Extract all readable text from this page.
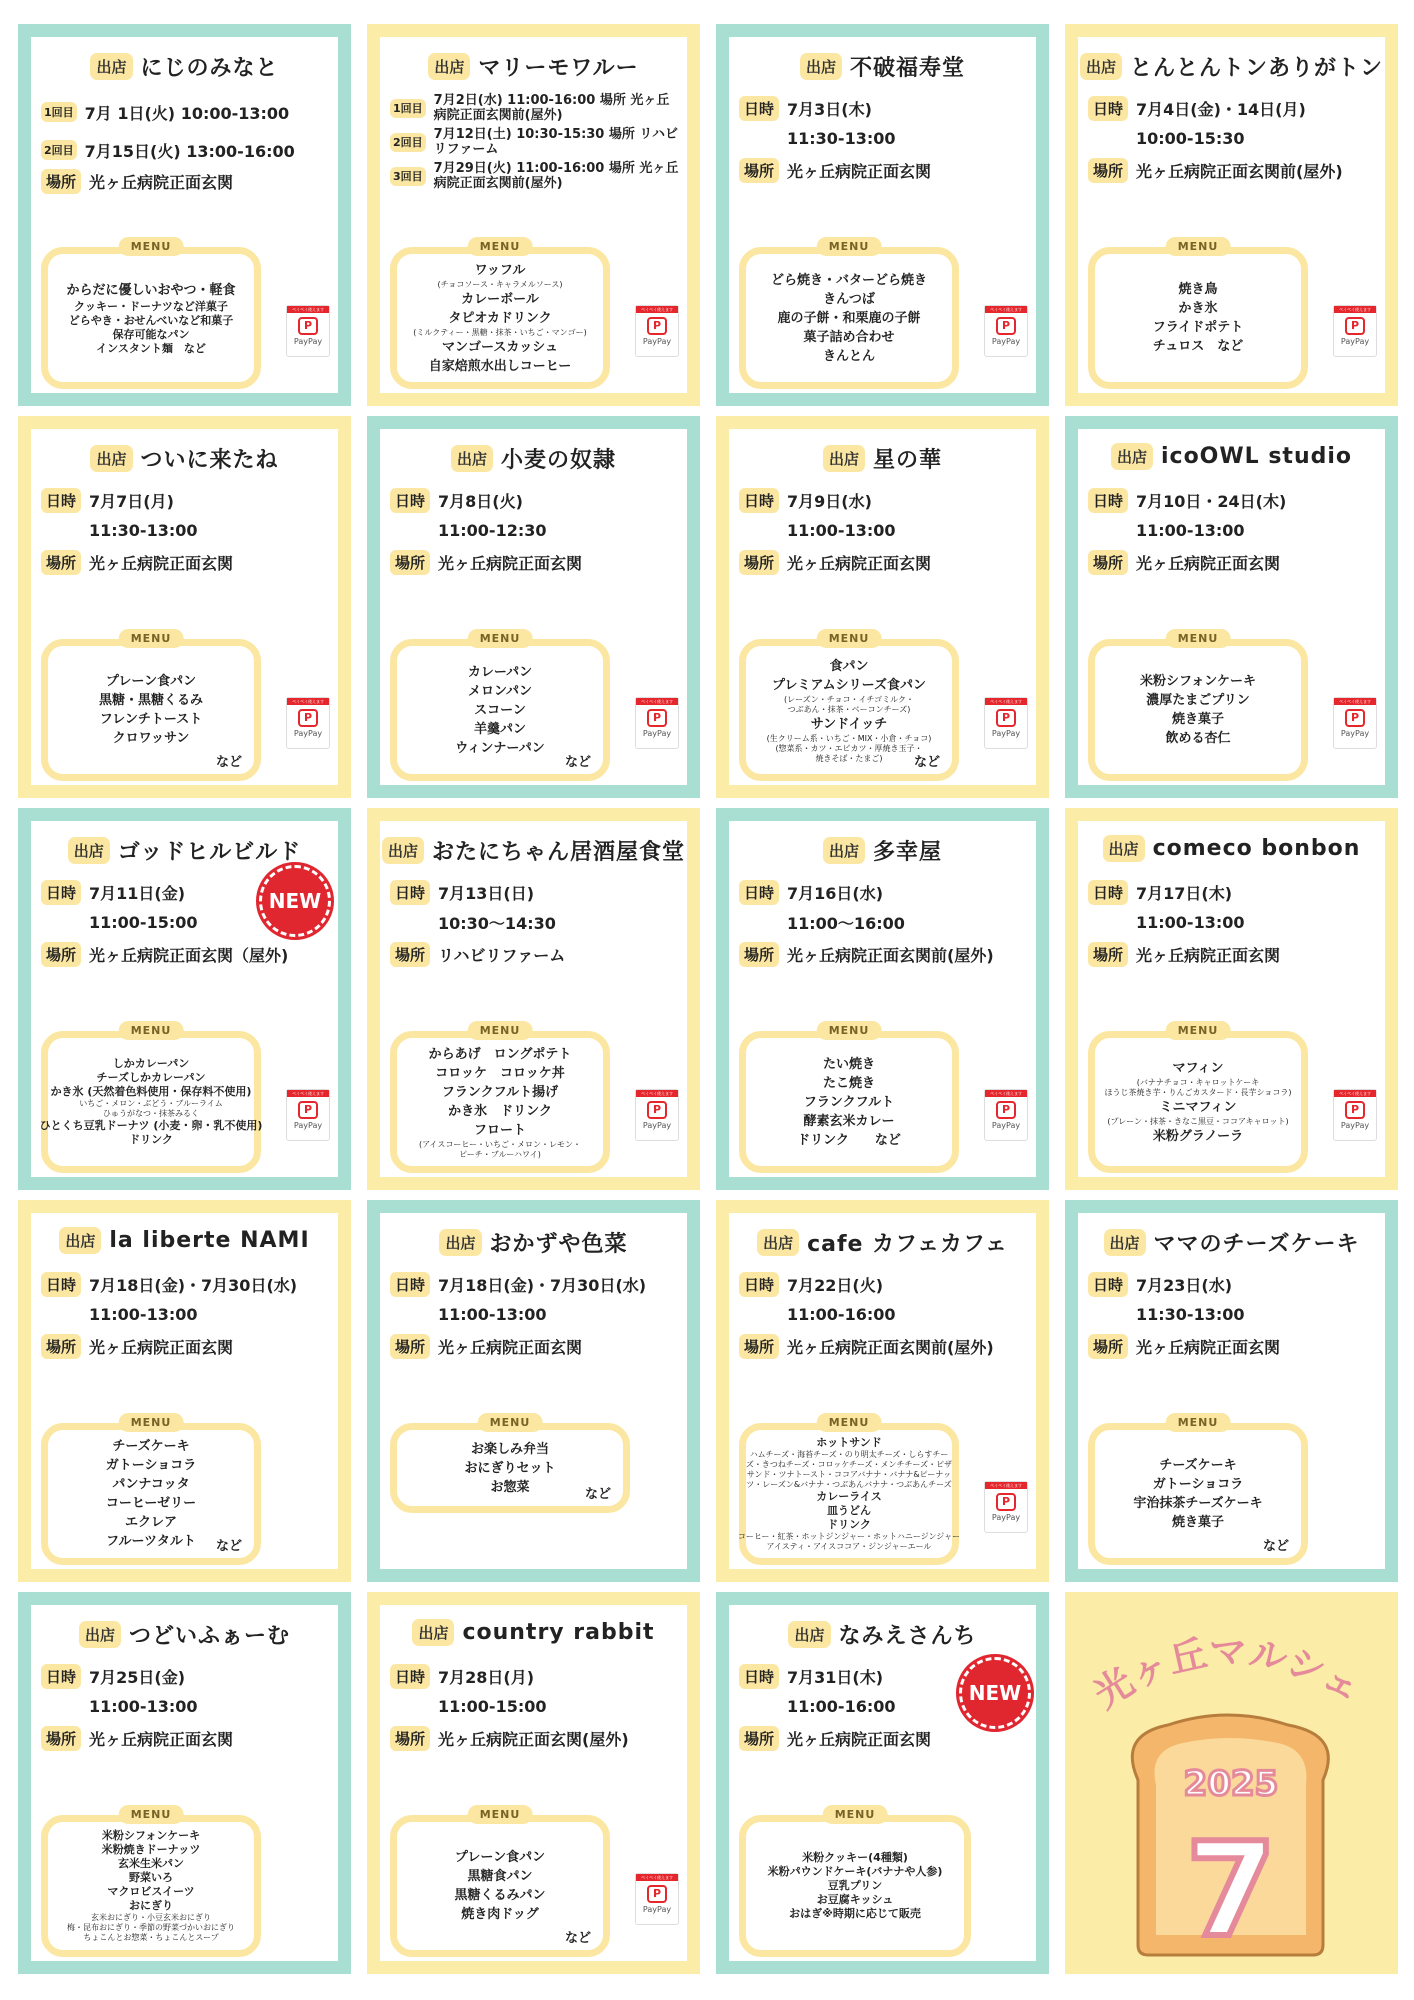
出店 にじのみなと
1回目 7月 1日(火) 10:00-13:00
2回目 7月15日(火) 13:00-16:00
場所 光ヶ丘病院正面玄関
MENU
からだに優しいおやつ・軽食
クッキー・ドーナツなど洋菓子
どらやき・おせんべいなど和菓子
保存可能なパン
インスタント麺　など
ペイペイ使えます
P
PayPay
出店 マリーモワルー
1回目 7月2日(水) 11:00-16:00 場所 光ヶ丘病院正面玄関前(屋外)
2回目 7月12日(土) 10:30-15:30 場所 リハビリファーム
3回目 7月29日(火) 11:00-16:00 場所 光ヶ丘病院正面玄関前(屋外)
MENU
ワッフル
(チョコソース・キャラメルソース)
カレーボール
タピオカドリンク
(ミルクティー・黒糖・抹茶・いちご・マンゴー)
マンゴースカッシュ
自家焙煎水出しコーヒー
ペイペイ使えます
P
PayPay
出店 不破福寿堂
日時 7月3日(木)
11:30-13:00
場所 光ヶ丘病院正面玄関
MENU
どら焼き・バターどら焼き
きんつば
鹿の子餅・和栗鹿の子餅
菓子詰め合わせ
きんとん
ペイペイ使えます
P
PayPay
出店 とんとんトンありがトン
日時 7月4日(金)・14日(月)
10:00-15:30
場所 光ヶ丘病院正面玄関前(屋外)
MENU
焼き鳥
かき氷
フライドポテト
チュロス　など
ペイペイ使えます
P
PayPay
出店 ついに来たね
日時 7月7日(月)
11:30-13:00
場所 光ヶ丘病院正面玄関
MENU
プレーン食パン
黒糖・黒糖くるみ
フレンチトースト
クロワッサン
など
ペイペイ使えます
P
PayPay
出店 小麦の奴隷
日時 7月8日(火)
11:00-12:30
場所 光ヶ丘病院正面玄関
MENU
カレーパン
メロンパン
スコーン
羊羹パン
ウィンナーパン
など
ペイペイ使えます
P
PayPay
出店 星の華
日時 7月9日(水)
11:00-13:00
場所 光ヶ丘病院正面玄関
MENU
食パン
プレミアムシリーズ食パン
(レーズン・チョコ・イチゴミルク・
つぶあん・抹茶・ベーコンチーズ)
サンドイッチ
(生クリーム系・いちご・MIX・小倉・チョコ)
(惣菜系・カツ・エビカツ・厚焼き玉子・
焼きそば・たまご) など
ペイペイ使えます
P
PayPay
出店 icoOWL studio
日時 7月10日・24日(木)
11:00-13:00
場所 光ヶ丘病院正面玄関
MENU
米粉シフォンケーキ
濃厚たまごプリン
焼き菓子
飲める杏仁
ペイペイ使えます
P
PayPay
出店 ゴッドヒルビルド
日時 7月11日(金)
11:00-15:00
場所 光ヶ丘病院正面玄関（屋外)
MENU
しかカレーパン
チーズしかカレーパン
かき氷 (天然着色料使用・保存料不使用)
いちご・メロン・ぶどう・ブルーライム
ひゅうがなつ・抹茶みるく
ひとくち豆乳ドーナツ (小麦・卵・乳不使用)
ドリンク
ペイペイ使えます
P
PayPay
NEW
出店 おたにちゃん居酒屋食堂
日時 7月13日(日)
10:30～14:30
場所 リハビリファーム
MENU
からあげ　ロングポテト
コロッケ　コロッケ丼
フランクフルト揚げ
かき氷　ドリンク
フロート
(アイスコーヒー・いちご・メロン・レモン・
ピーチ・ブルーハワイ)
ペイペイ使えます
P
PayPay
出店 多幸屋
日時 7月16日(水)
11:00～16:00
場所 光ヶ丘病院正面玄関前(屋外)
MENU
たい焼き
たこ焼き
フランクフルト
酵素玄米カレー
ドリンク　　など
ペイペイ使えます
P
PayPay
出店 comeco bonbon
日時 7月17日(木)
11:00-13:00
場所 光ヶ丘病院正面玄関
MENU
マフィン
(バナナチョコ・キャロットケーキ
ほうじ茶焼き芋・りんごカスタード・長芋ショコラ)
ミニマフィン
(プレーン・抹茶・きなこ黒豆・ココアキャロット)
米粉グラノーラ
ペイペイ使えます
P
PayPay
出店 la liberte NAMI
日時 7月18日(金)・7月30日(水)
11:00-13:00
場所 光ヶ丘病院正面玄関
MENU
チーズケーキ
ガトーショコラ
パンナコッタ
コーヒーゼリー
エクレア
フルーツタルト など
出店 おかずや色菜
日時 7月18日(金)・7月30日(水)
11:00-13:00
場所 光ヶ丘病院正面玄関
MENU
お楽しみ弁当
おにぎりセット
お惣菜	など
出店 cafe カフェカフェ
日時 7月22日(火)
11:00-16:00
場所 光ヶ丘病院正面玄関前(屋外)
MENU
ホットサンド
ハムチーズ・海苔チーズ・のり明太チーズ・しらすチー
ズ・きつねチーズ・コロッケチーズ・メンチチーズ・ピザ
サンド・ツナトースト・ココアバナナ・バナナ&ピーナッ
ツ・レーズン&バナナ・つぶあんバナナ・つぶあんチーズ
カレーライス
皿うどん
ドリンク
コーヒー・紅茶・ホットジンジャー・ホットハニージンジャー
アイスティ・アイスココア・ジンジャーエール
ペイペイ使えます
P
PayPay
出店 ママのチーズケーキ
日時 7月23日(水)
11:30-13:00
場所 光ヶ丘病院正面玄関
MENU
チーズケーキ
ガトーショコラ
宇治抹茶チーズケーキ
焼き菓子
など
出店 つどいふぁーむ
日時 7月25日(金)
11:00-13:00
場所 光ヶ丘病院正面玄関
MENU
米粉シフォンケーキ
米粉焼きドーナッツ
玄米生米パン
野菜いろ
マクロビスイーツ
おにぎり
玄米おにぎり・小豆玄米おにぎり
梅・昆布おにぎり・季節の野菜づかいおにぎり
ちょこんとお惣菜・ちょこんとスープ
出店 country rabbit
日時 7月28日(月)
11:00-15:00
場所 光ヶ丘病院正面玄関(屋外)
MENU
プレーン食パン
黒糖食パン
黒糖くるみパン
焼き肉ドッグ
など
ペイペイ使えます
P
PayPay
出店 なみえさんち
日時 7月31日(木)
11:00-16:00
場所 光ヶ丘病院正面玄関
MENU
米粉クッキー(4種類)
米粉パウンドケーキ(バナナや人参)
豆乳プリン
お豆腐キッシュ
おはぎ※時期に応じて販売
NEW 光ヶ丘マルシェ
2025
7
